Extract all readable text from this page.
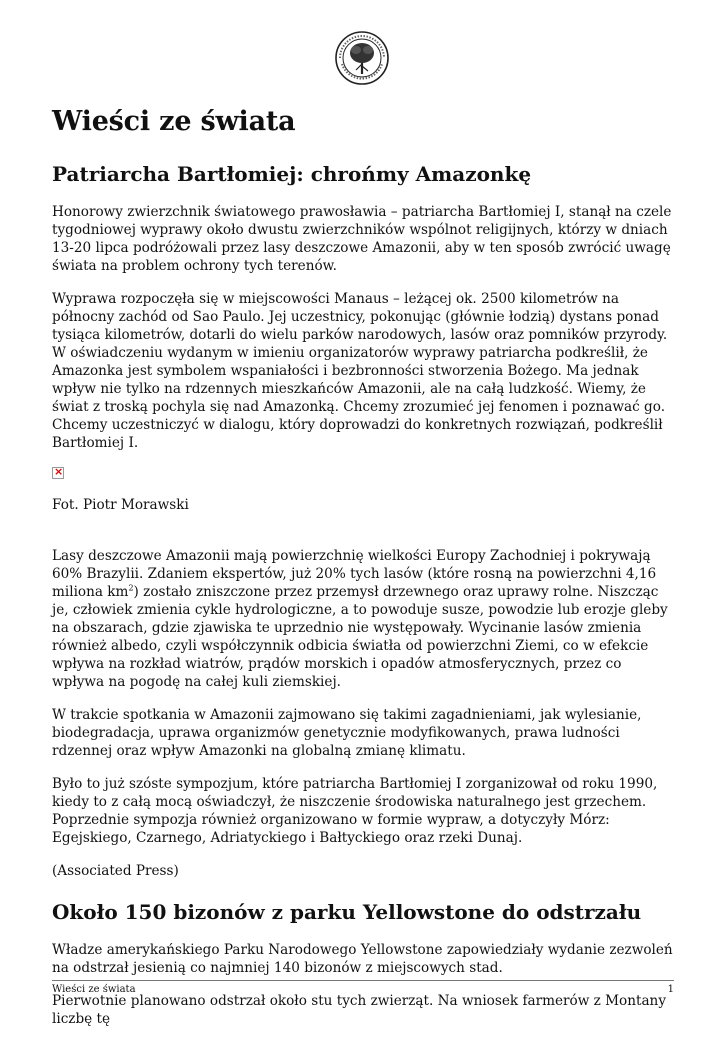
Wieści ze świata
Patriarcha Bartłomiej: chrońmy Amazonkę

Honorowy zwierzchnik światowego prawosławia – patriarcha Bartłomiej I, stanął na czele tygodniowej wyprawy około dwustu zwierzchników wspólnot religijnych, którzy w dniach 13-20 lipca podróżowali przez lasy deszczowe Amazonii, aby w ten sposób zwrócić uwagę świata na problem ochrony tych terenów.

Wyprawa rozpoczęła się w miejscowości Manaus – leżącej ok. 2500 kilometrów na północny zachód od Sao Paulo. Jej uczestnicy, pokonując (głównie łodzią) dystans ponad tysiąca kilometrów, dotarli do wielu parków narodowych, lasów oraz pomników przyrody. W oświadczeniu wydanym w imieniu organizatorów wyprawy patriarcha podkreślił, że Amazonka jest symbolem wspaniałości i bezbronności stworzenia Bożego. Ma jednak wpływ nie tylko na rdzennych mieszkańców Amazonii, ale na całą ludzkość. Wiemy, że świat z troską pochyla się nad Amazonką. Chcemy zrozumieć jej fenomen i poznawać go. Chcemy uczestniczyć w dialogu, który doprowadzi do konkretnych rozwiązań, podkreślił Bartłomiej I.

×

Fot. Piotr Morawski

Lasy deszczowe Amazonii mają powierzchnię wielkości Europy Zachodniej i pokrywają 60% Brazylii. Zdaniem ekspertów, już 20% tych lasów (które rosną na powierzchni 4,16 miliona $km^2$) zostało zniszczone przez przemysł drzewnego oraz uprawy rolne. Niszcząc je, człowiek zmienia cykle hydrologiczne, a to powoduje susze, powodzie lub erozje gleby na obszarach, gdzie zjawiska te uprzednio nie występowały. Wycinanie lasów zmienia również albedo, czyli współczynnik odbicia światła od powierzchni Ziemi, co w efekcie wpływa na rozkład wiatrów, prądów morskich i opadów atmosferycznych, przez co wpływa na pogodę na całej kuli ziemskiej.

W trakcie spotkania w Amazonii zajmowano się takimi zagadnieniami, jak wylesianie, biodegradacja, uprawa organizmów genetycznie modyfikowanych, prawa ludności rdzennej oraz wpływ Amazonki na globalną zmianę klimatu.

Było to już szóste sympozjum, które patriarcha Bartłomiej I zorganizował od roku 1990, kiedy to z całą mocą oświadczył, że niszczenie środowiska naturalnego jest grzechem. Poprzednie sympozja również organizowano w formie wypraw, a dotyczyły Mórz: Egejskiego, Czarnego, Adriatyckiego i Bałtyckiego oraz rzeki Dunaj.

(Associated Press)

Około 150 bizonów z parku Yellowstone do odstrzału

Władze amerykańskiego Parku Narodowego Yellowstone zapowiedziały wydanie zezwoleń na odstrzał jesienią co najmniej 140 bizonów z miejscowych stad.

Pierwotnie planowano odstrzał około stu tych zwierząt. Na wniosek farmerów z Montany liczbę tę

Wieści ze świata	1
